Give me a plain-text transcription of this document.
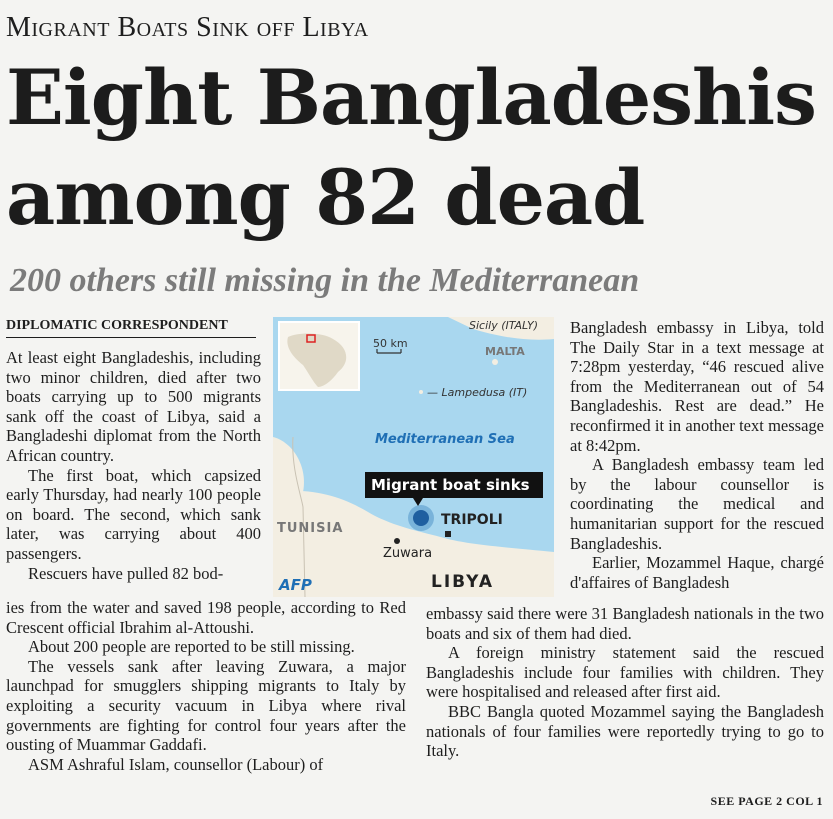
Migrant Boats Sink off Libya
Eight Bangladeshis
among 82 dead
200 others still missing in the Mediterranean
DIPLOMATIC CORRESPONDENT

At least eight Bangladeshis, including two minor children, died after two boats carrying up to 500 migrants sank off the coast of Libya, said a Bangladeshi diplomat from the North African country.

The first boat, which capsized early Thursday, had nearly 100 people on board. The second, which sank later, was carrying about 400 passengers.

Rescuers have pulled 82 bod-

ies from the water and saved 198 people, according to Red Crescent official Ibrahim al-Attoushi.

About 200 people are reported to be still missing.

The vessels sank after leaving Zuwara, a major launchpad for smugglers shipping migrants to Italy by exploiting a security vacuum in Libya where rival governments are fighting for control four years after the ousting of Muammar Gaddafi.

ASM Ashraful Islam, counsellor (Labour) of

Bangladesh embassy in Libya, told The Daily Star in a text message at 7:28pm yesterday, “46 rescued alive from the Mediterranean out of 54 Bangladeshis. Rest are dead.” He reconfirmed it in another text message at 8:42pm.

A Bangladesh embassy team led by the labour counsellor is coordinating the medical and humanitarian support for the rescued Bangladeshis.

Earlier, Mozammel Haque, chargé d'affaires of Bangladesh

embassy said there were 31 Bangladesh nationals in the two boats and six of them had died.

A foreign ministry statement said the rescued Bangladeshis include four families with children. They were hospitalised and released after first aid.

BBC Bangla quoted Mozammel saying the Bangladesh nationals of four families were reportedly trying to go to Italy.

SEE PAGE 2 COL 1
Sicily (ITALY)
MALTA
50 km
— Lampedusa (IT)
Mediterranean Sea
Migrant boat sinks
TRIPOLI
Zuwara
TUNISIA
LIBYA
AFP
